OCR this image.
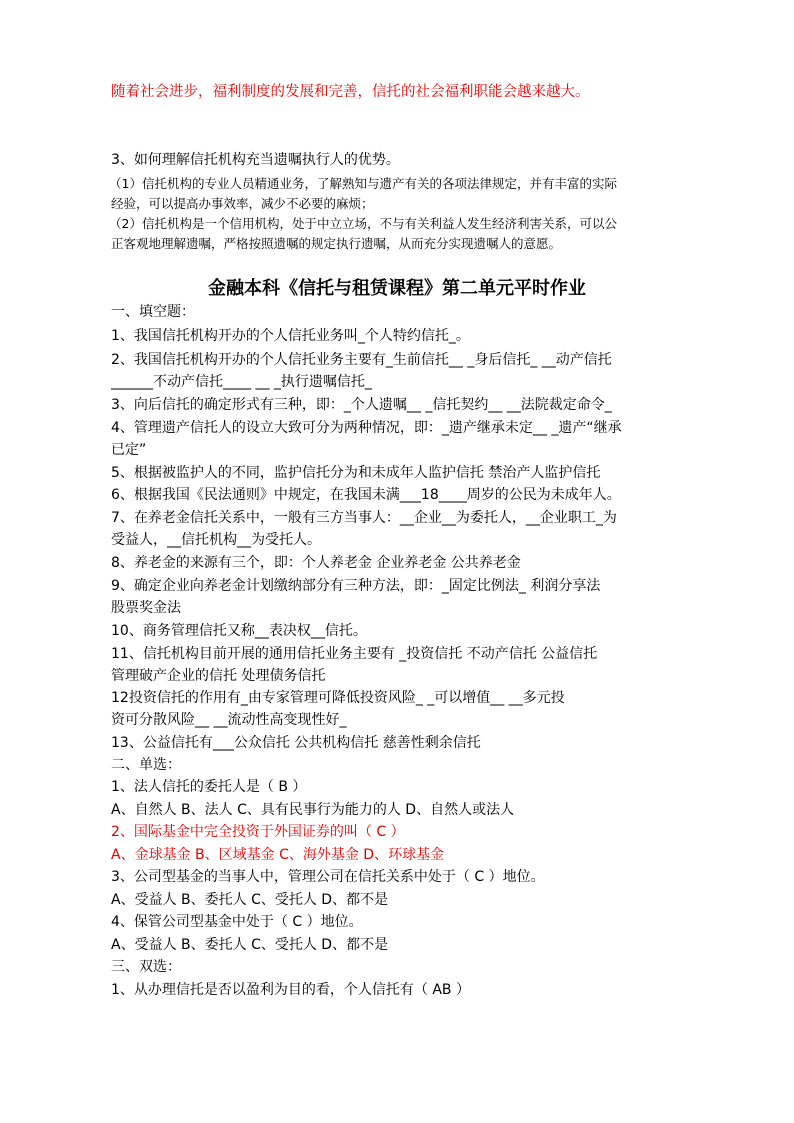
随着社会进步，福利制度的发展和完善，信托的社会福利职能会越来越大。
3、如何理解信托机构充当遗嘱执行人的优势。
（1）信托机构的专业人员精通业务，了解熟知与遗产有关的各项法律规定，并有丰富的实际
经验，可以提高办事效率，减少不必要的麻烦；
（2）信托机构是一个信用机构，处于中立立场，不与有关利益人发生经济利害关系，可以公
正客观地理解遗嘱，严格按照遗嘱的规定执行遗嘱，从而充分实现遗嘱人的意愿。
金融本科《信托与租赁课程》第二单元平时作业
一、填空题：
1、我国信托机构开办的个人信托业务叫_个人特约信托_。
2、我国信托机构开办的个人信托业务主要有_生前信托__ _身后信托_ __动产信托
______不动产信托____ __ _执行遗嘱信托_
3、向后信托的确定形式有三种，即：_个人遗嘱__ _信托契约__ __法院裁定命令_
4、管理遗产信托人的设立大致可分为两种情况，即：_遗产继承未定__ _遗产“继承
已定”
5、根据被监护人的不同，监护信托分为和未成年人监护信托 禁治产人监护信托
6、根据我国《民法通则》中规定，在我国未满___18____周岁的公民为未成年人。
7、在养老金信托关系中，一般有三方当事人：__企业__为委托人，__企业职工_为
受益人，__信托机构__为受托人。
8、养老金的来源有三个，即：个人养老金 企业养老金 公共养老金
9、确定企业向养老金计划缴纳部分有三种方法，即：_固定比例法_ 利润分享法
股票奖金法
10、商务管理信托又称__表决权__信托。
11、信托机构目前开展的通用信托业务主要有 _投资信托 不动产信托 公益信托
管理破产企业的信托 处理债务信托
12投资信托的作用有_由专家管理可降低投资风险_ _可以增值__ __多元投
资可分散风险__ __流动性高变现性好_
13、公益信托有___公众信托 公共机构信托 慈善性剩余信托
二、单选：
1、法人信托的委托人是（ B ）
A、自然人 B、法人 C、具有民事行为能力的人 D、自然人或法人
2、国际基金中完全投资于外国证券的叫（ C ）
A、金球基金 B、区域基金 C、海外基金 D、环球基金
3、公司型基金的当事人中，管理公司在信托关系中处于（ C ）地位。
A、受益人 B、委托人 C、受托人 D、都不是
4、保管公司型基金中处于（ C ）地位。
A、受益人 B、委托人 C、受托人 D、都不是
三、双选：
1、从办理信托是否以盈利为目的看，个人信托有（ AB ）
